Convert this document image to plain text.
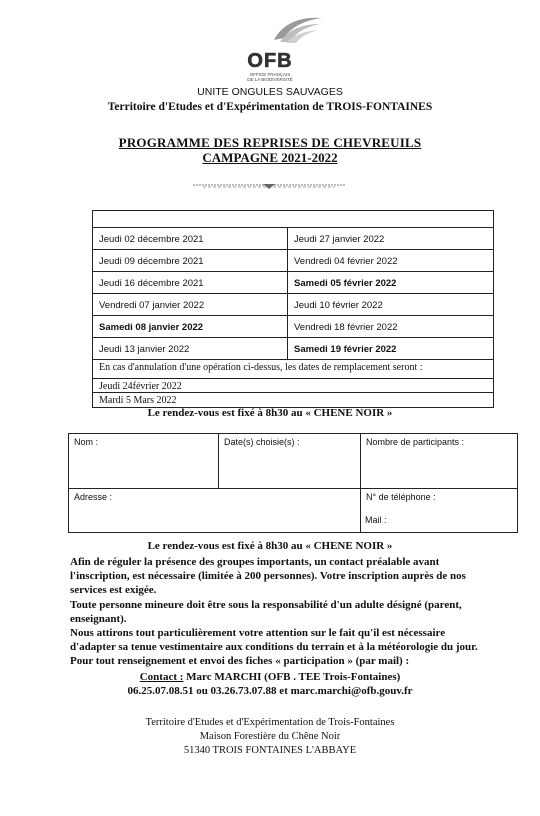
OFB
OFFICE FRANÇAIS
DE LA BIODIVERSITÉ
UNITE ONGULES SAUVAGES
Territoire d'Etudes et d'Expérimentation de TROIS-FONTAINES
PROGRAMME DES REPRISES DE CHEVREUILS
CAMPAGNE 2021-2022
Jeudi 02 décembre 2021	Jeudi 27 janvier 2022
Jeudi 09 décembre 2021	Vendredi 04 février 2022
Jeudi 16 décembre 2021	Samedi 05 février 2022
Vendredi 07 janvier 2022	Jeudi 10 février 2022
Samedi 08 janvier 2022	Vendredi 18 février 2022
Jeudi 13 janvier 2022	Samedi 19 février 2022
En cas d'annulation d'une opération ci-dessus, les dates de remplacement seront :
Jeudi 24février 2022
Mardi 5 Mars 2022
Le rendez-vous est fixé à 8h30 au « CHENE NOIR »
Nom :	Date(s) choisie(s) :	Nombre de participants :
Adresse :	N° de téléphone :
Mail :
Le rendez-vous est fixé à 8h30 au « CHENE NOIR »

Afin de réguler la présence des groupes importants, un contact préalable avant

l'inscription, est nécessaire (limitée à 200 personnes). Votre inscription auprès de nos

services est exigée.

Toute personne mineure doit être sous la responsabilité d'un adulte désigné (parent,

enseignant).

Nous attirons tout particulièrement votre attention sur le fait qu'il est nécessaire

d'adapter sa tenue vestimentaire aux conditions du terrain et à la météorologie du jour.

Pour tout renseignement et envoi des fiches « participation » (par mail) :

Contact : Marc MARCHI (OFB . TEE Trois-Fontaines)
06.25.07.08.51 ou 03.26.73.07.88 et marc.marchi@ofb.gouv.fr
Territoire d'Etudes et d'Expérimentation de Trois-Fontaines
Maison Forestière du Chêne Noir
51340 TROIS FONTAINES L'ABBAYE
